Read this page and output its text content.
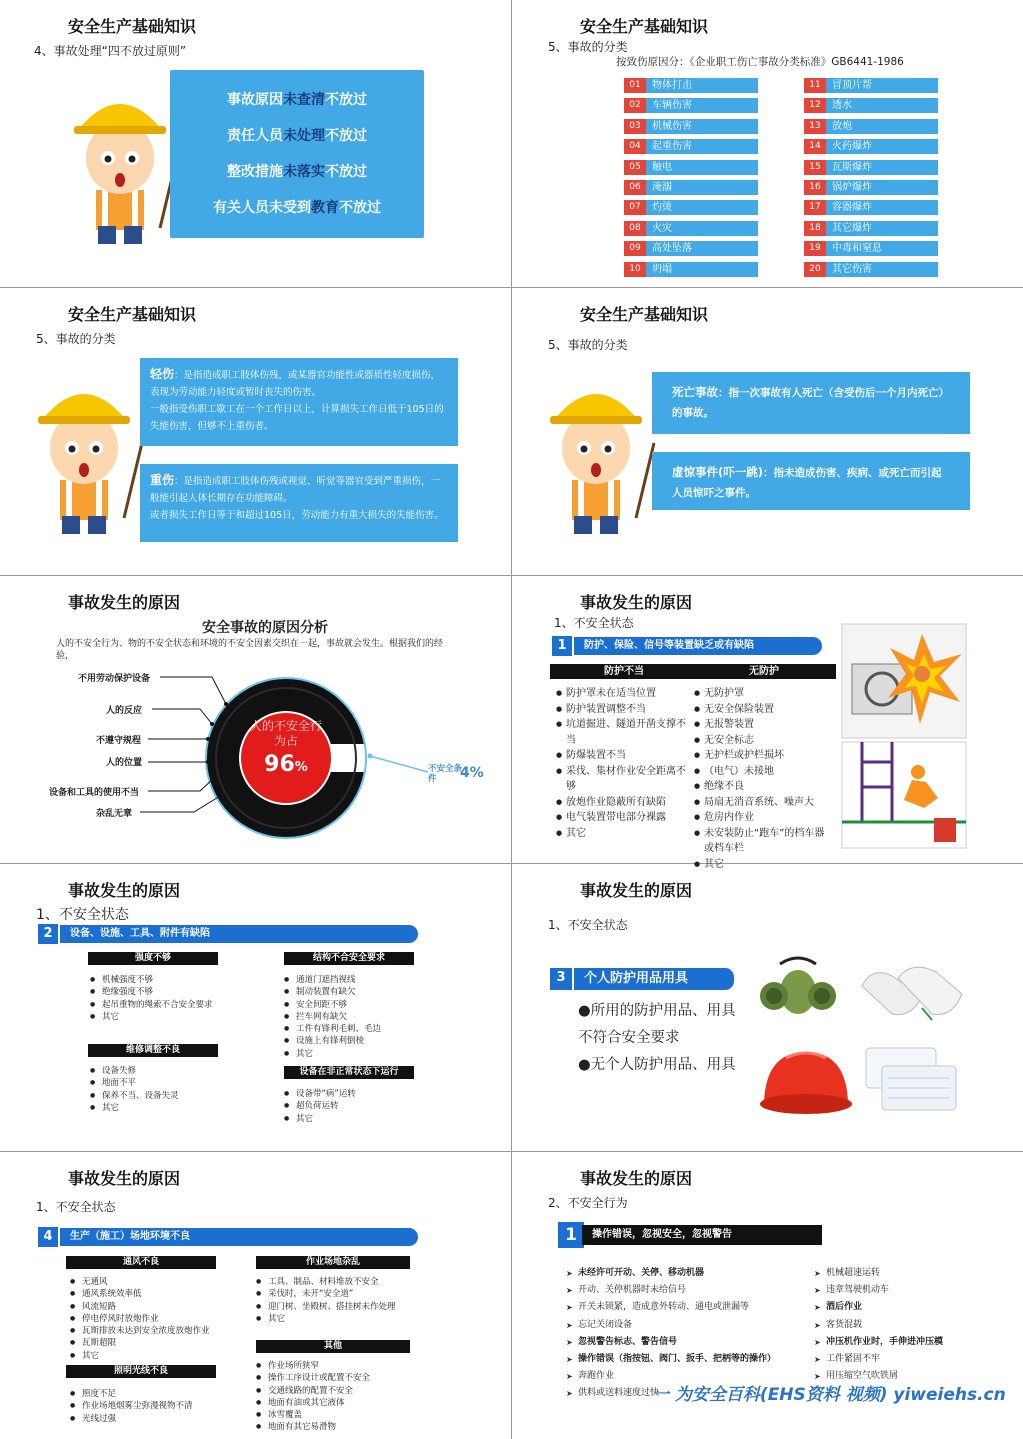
安全生产基础知识
4、事故处理“四不放过原则”
事故原因未查清不放过
责任人员未处理不放过
整改措施未落实不放过
有关人员未受到教育不放过
安全生产基础知识
5、事故的分类
按致伤原因分：《企业职工伤亡事故分类标准》GB6441-1986
01	物体打击
02	车辆伤害
03	机械伤害
04	起重伤害
05	触电
06	淹溺
07	灼烫
08	火灾
09	高处坠落
10	坍塌
11	冒顶片帮
12	透水
13	放炮
14	火药爆炸
15	瓦斯爆炸
16	锅炉爆炸
17	容器爆炸
18	其它爆炸
19	中毒和窒息
20	其它伤害
安全生产基础知识
5、事故的分类
轻伤：是指造成职工肢体伤残，或某器官功能性或器质性轻度损伤，表现为劳动能力轻度或暂时丧失的伤害。
一般指受伤职工歇工在一个工作日以上，计算损失工作日低于105日的失能伤害，但够不上重伤者。
重伤：是指造成职工肢体伤残或视觉、听觉等器官受到严重损伤，一般能引起人体长期存在功能障碍。
或者损失工作日等于和超过105日，劳动能力有重大损失的失能伤害。
安全生产基础知识
5、事故的分类
死亡事故：指一次事故有人死亡（含受伤后一个月内死亡）的事故。
虚惊事件(吓一跳)：指未造成伤害、疾病、或死亡而引起人员惊吓之事件。
事故发生的原因
安全事故的原因分析
人的不安全行为、物的不安全状态和环境的不安全因素交织在一起，事故就会发生。根据我们的经验，
不用劳动保护设备
人的反应
不遵守规程
人的位置
设备和工具的使用不当
杂乱无章
人的不安全行为占
96%	不安全条件	4%
事故发生的原因
1、不安全状态
1	防护、保险、信号等装置缺乏或有缺陷
防护不当	无防护
● 防护罩未在适当位置
● 防护装置调整不当
● 坑道掘进、隧道开凿支撑不当
● 防爆装置不当
● 采伐、集材作业安全距离不够
● 放炮作业隐蔽所有缺陷
● 电气装置带电部分裸露
● 其它
● 无防护罩
● 无安全保险装置
● 无报警装置
● 无安全标志
● 无护栏或护栏损坏
● （电气）未接地
● 绝缘不良
● 局扇无消音系统、噪声大
● 危房内作业
● 未安装防止“跑车”的档车器或档车栏
● 其它
事故发生的原因
1、不安全状态
2	设备、设施、工具、附件有缺陷
强度不够
● 机械强度不够
● 绝缘强度不够
● 起吊重物的绳索不合安全要求
● 其它
维修调整不良
● 设备失修
● 地面不平
● 保养不当、设备失灵
● 其它
结构不合安全要求
● 通道门遮挡视线
● 制动装置有缺欠
● 安全间距不够
● 拦车网有缺欠
● 工件有锋利毛刺、毛边
● 设施上有锋利倒棱
● 其它
设备在非正常状态下运行
● 设备带“病”运转
● 超负荷运转
● 其它
事故发生的原因
1、不安全状态
3	个人防护用品用具
●所用的防护用品、用具不符合安全要求
●无个人防护用品、用具
事故发生的原因
1、不安全状态
4	生产（施工）场地环境不良
通风不良
● 无通风
● 通风系统效率低
● 风流短路
● 停电停风时放炮作业
● 瓦斯排放未达到安全浓度放炮作业
● 瓦斯超限
● 其它
照明光线不良
● 照度不足
● 作业场地烟雾尘弥漫视物不清
● 光线过强
作业场地杂乱
● 工具、制品、材料堆放不安全
● 采伐时，未开“安全道”
● 迎门树、坐殿树、搭挂树未作处理
● 其它
其他
● 作业场所狭窄
● 操作工序设计或配置不安全
● 交通线路的配置不安全
● 地面有油或其它液体
● 冰雪覆盖
● 地面有其它易滑物
事故发生的原因
2、不安全行为
1	操作错误，忽视安全，忽视警告
➤ 未经许可开动、关停、移动机器
➤ 开动、关停机器时未给信号
➤ 开关未锁紧，造成意外转动、通电或泄漏等
➤ 忘记关闭设备
➤ 忽视警告标志、警告信号
➤ 操作错误（指按钮、阀门、扳手、把柄等的操作）
➤ 奔跑作业
➤ 供料或送料速度过快
➤ 机械超速运转
➤ 违章驾驶机动车
➤ 酒后作业
➤ 客货混载
➤ 冲压机作业时，手伸进冲压模
➤ 工件紧固不牢
➤ 用压缩空气吹铁屑
一 为安全百科(EHS资料 视频) yiweiehs.cn
